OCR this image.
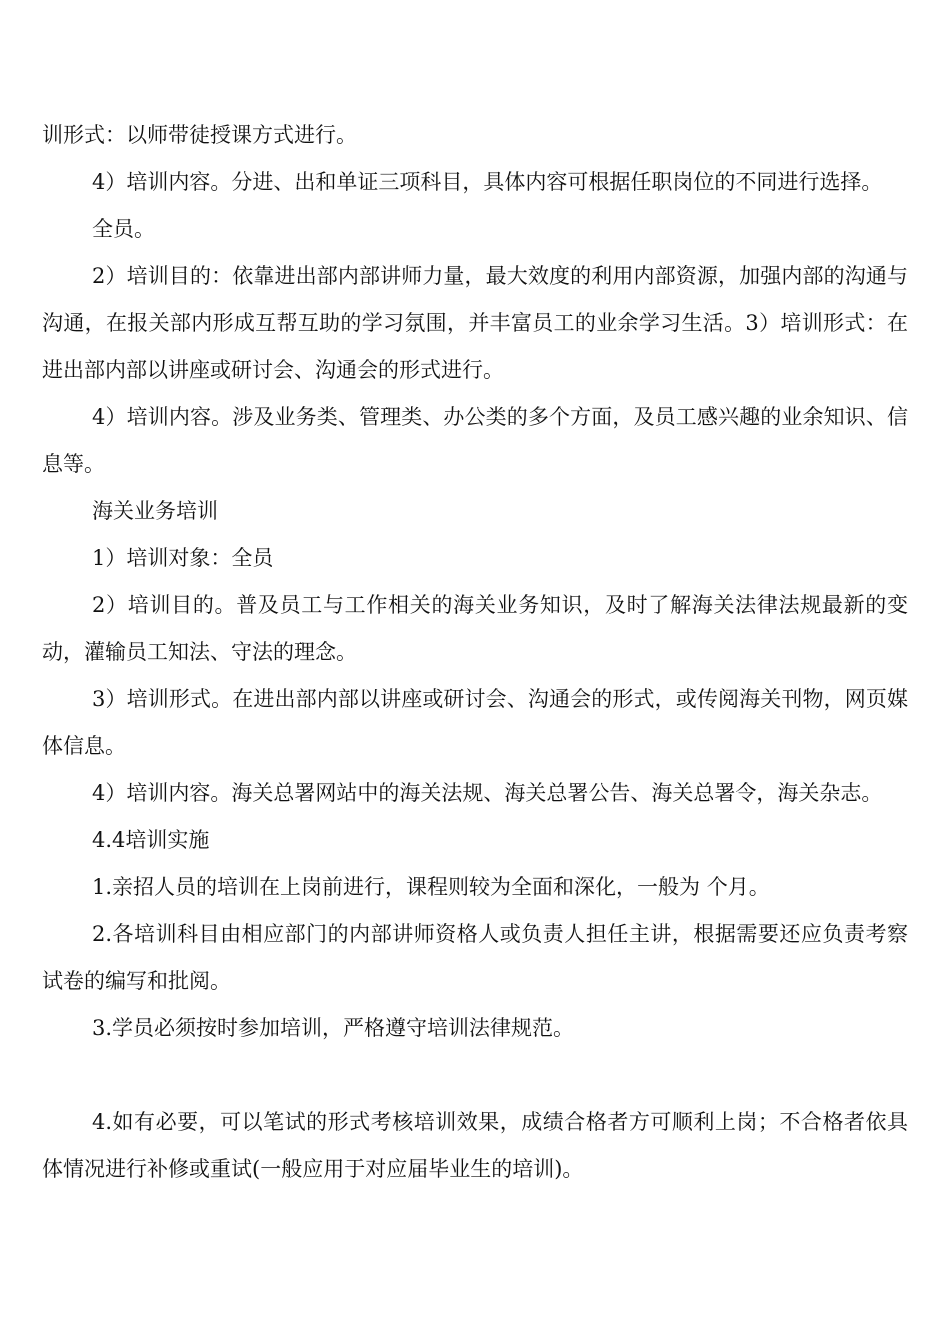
训形式：以师带徒授课方式进行。

4）培训内容。分进、出和单证三项科目，具体内容可根据任职岗位的不同进行选择。

全员。

2）培训目的：依靠进出部内部讲师力量，最大效度的利用内部资源，加强内部的沟通与沟通，在报关部内形成互帮互助的学习氛围，并丰富员工的业余学习生活。3）培训形式：在进出部内部以讲座或研讨会、沟通会的形式进行。

4）培训内容。涉及业务类、管理类、办公类的多个方面，及员工感兴趣的业余知识、信息等。

海关业务培训

1）培训对象：全员

2）培训目的。普及员工与工作相关的海关业务知识，及时了解海关法律法规最新的变动，灌输员工知法、守法的理念。

3）培训形式。在进出部内部以讲座或研讨会、沟通会的形式，或传阅海关刊物，网页媒体信息。

4）培训内容。海关总署网站中的海关法规、海关总署公告、海关总署令，海关杂志。

4.4培训实施

1.亲招人员的培训在上岗前进行，课程则较为全面和深化，一般为 个月。

2.各培训科目由相应部门的内部讲师资格人或负责人担任主讲，根据需要还应负责考察试卷的编写和批阅。

3.学员必须按时参加培训，严格遵守培训法律规范。

4.如有必要，可以笔试的形式考核培训效果，成绩合格者方可顺利上岗；不合格者依具体情况进行补修或重试(一般应用于对应届毕业生的培训)。
